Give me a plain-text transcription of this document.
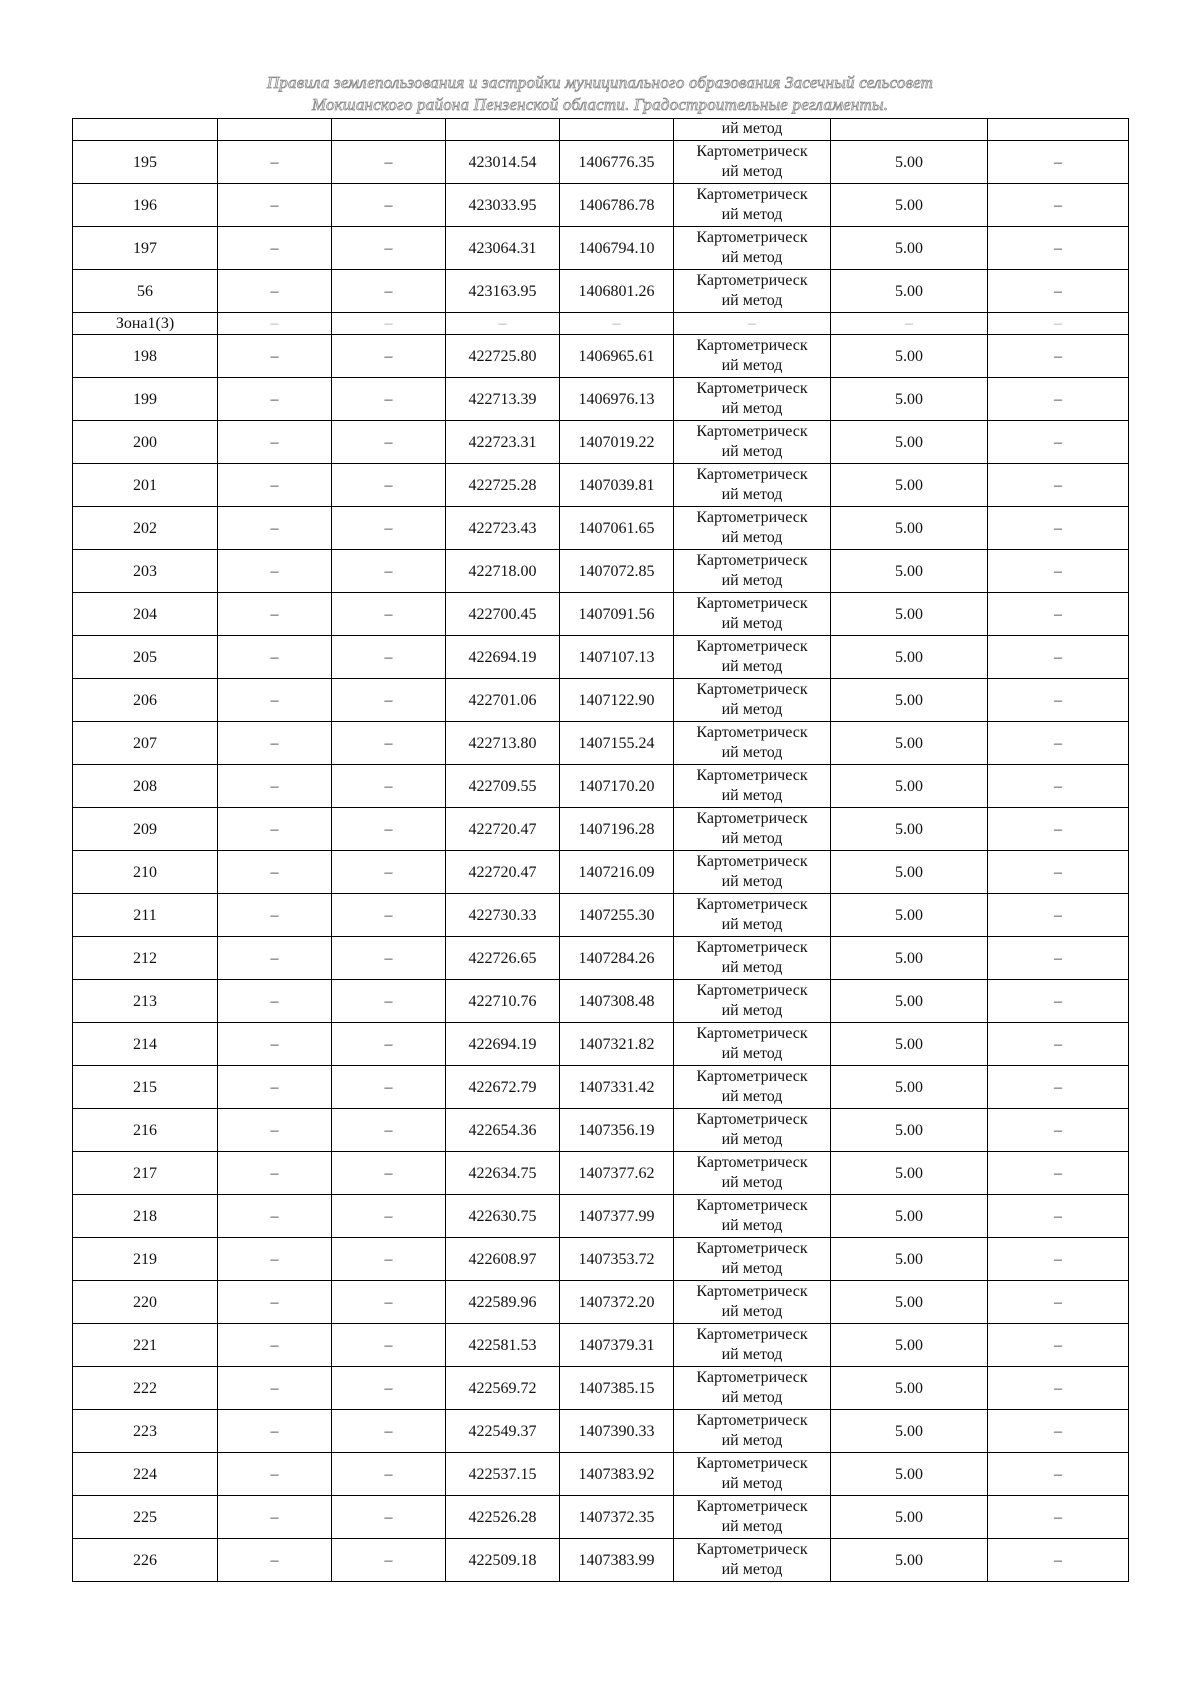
Правила землепользования и застройки муниципального образования Засечный сельсовет
Мокшанского района Пензенской области. Градостроительные регламенты.

					ий метод		

195	–	–	423014.54	1406776.35	Картометрическ
ий метод	5.00	–
196	–	–	423033.95	1406786.78	Картометрическ
ий метод	5.00	–
197	–	–	423064.31	1406794.10	Картометрическ
ий метод	5.00	–
56	–	–	423163.95	1406801.26	Картометрическ
ий метод	5.00	–
Зона1(3)	–	–	–	–	–	–	–
198	–	–	422725.80	1406965.61	Картометрическ
ий метод	5.00	–
199	–	–	422713.39	1406976.13	Картометрическ
ий метод	5.00	–
200	–	–	422723.31	1407019.22	Картометрическ
ий метод	5.00	–
201	–	–	422725.28	1407039.81	Картометрическ
ий метод	5.00	–
202	–	–	422723.43	1407061.65	Картометрическ
ий метод	5.00	–
203	–	–	422718.00	1407072.85	Картометрическ
ий метод	5.00	–
204	–	–	422700.45	1407091.56	Картометрическ
ий метод	5.00	–
205	–	–	422694.19	1407107.13	Картометрическ
ий метод	5.00	–
206	–	–	422701.06	1407122.90	Картометрическ
ий метод	5.00	–
207	–	–	422713.80	1407155.24	Картометрическ
ий метод	5.00	–
208	–	–	422709.55	1407170.20	Картометрическ
ий метод	5.00	–
209	–	–	422720.47	1407196.28	Картометрическ
ий метод	5.00	–
210	–	–	422720.47	1407216.09	Картометрическ
ий метод	5.00	–
211	–	–	422730.33	1407255.30	Картометрическ
ий метод	5.00	–
212	–	–	422726.65	1407284.26	Картометрическ
ий метод	5.00	–
213	–	–	422710.76	1407308.48	Картометрическ
ий метод	5.00	–
214	–	–	422694.19	1407321.82	Картометрическ
ий метод	5.00	–
215	–	–	422672.79	1407331.42	Картометрическ
ий метод	5.00	–
216	–	–	422654.36	1407356.19	Картометрическ
ий метод	5.00	–
217	–	–	422634.75	1407377.62	Картометрическ
ий метод	5.00	–
218	–	–	422630.75	1407377.99	Картометрическ
ий метод	5.00	–
219	–	–	422608.97	1407353.72	Картометрическ
ий метод	5.00	–
220	–	–	422589.96	1407372.20	Картометрическ
ий метод	5.00	–
221	–	–	422581.53	1407379.31	Картометрическ
ий метод	5.00	–
222	–	–	422569.72	1407385.15	Картометрическ
ий метод	5.00	–
223	–	–	422549.37	1407390.33	Картометрическ
ий метод	5.00	–
224	–	–	422537.15	1407383.92	Картометрическ
ий метод	5.00	–
225	–	–	422526.28	1407372.35	Картометрическ
ий метод	5.00	–
226	–	–	422509.18	1407383.99	Картометрическ
ий метод	5.00	–
